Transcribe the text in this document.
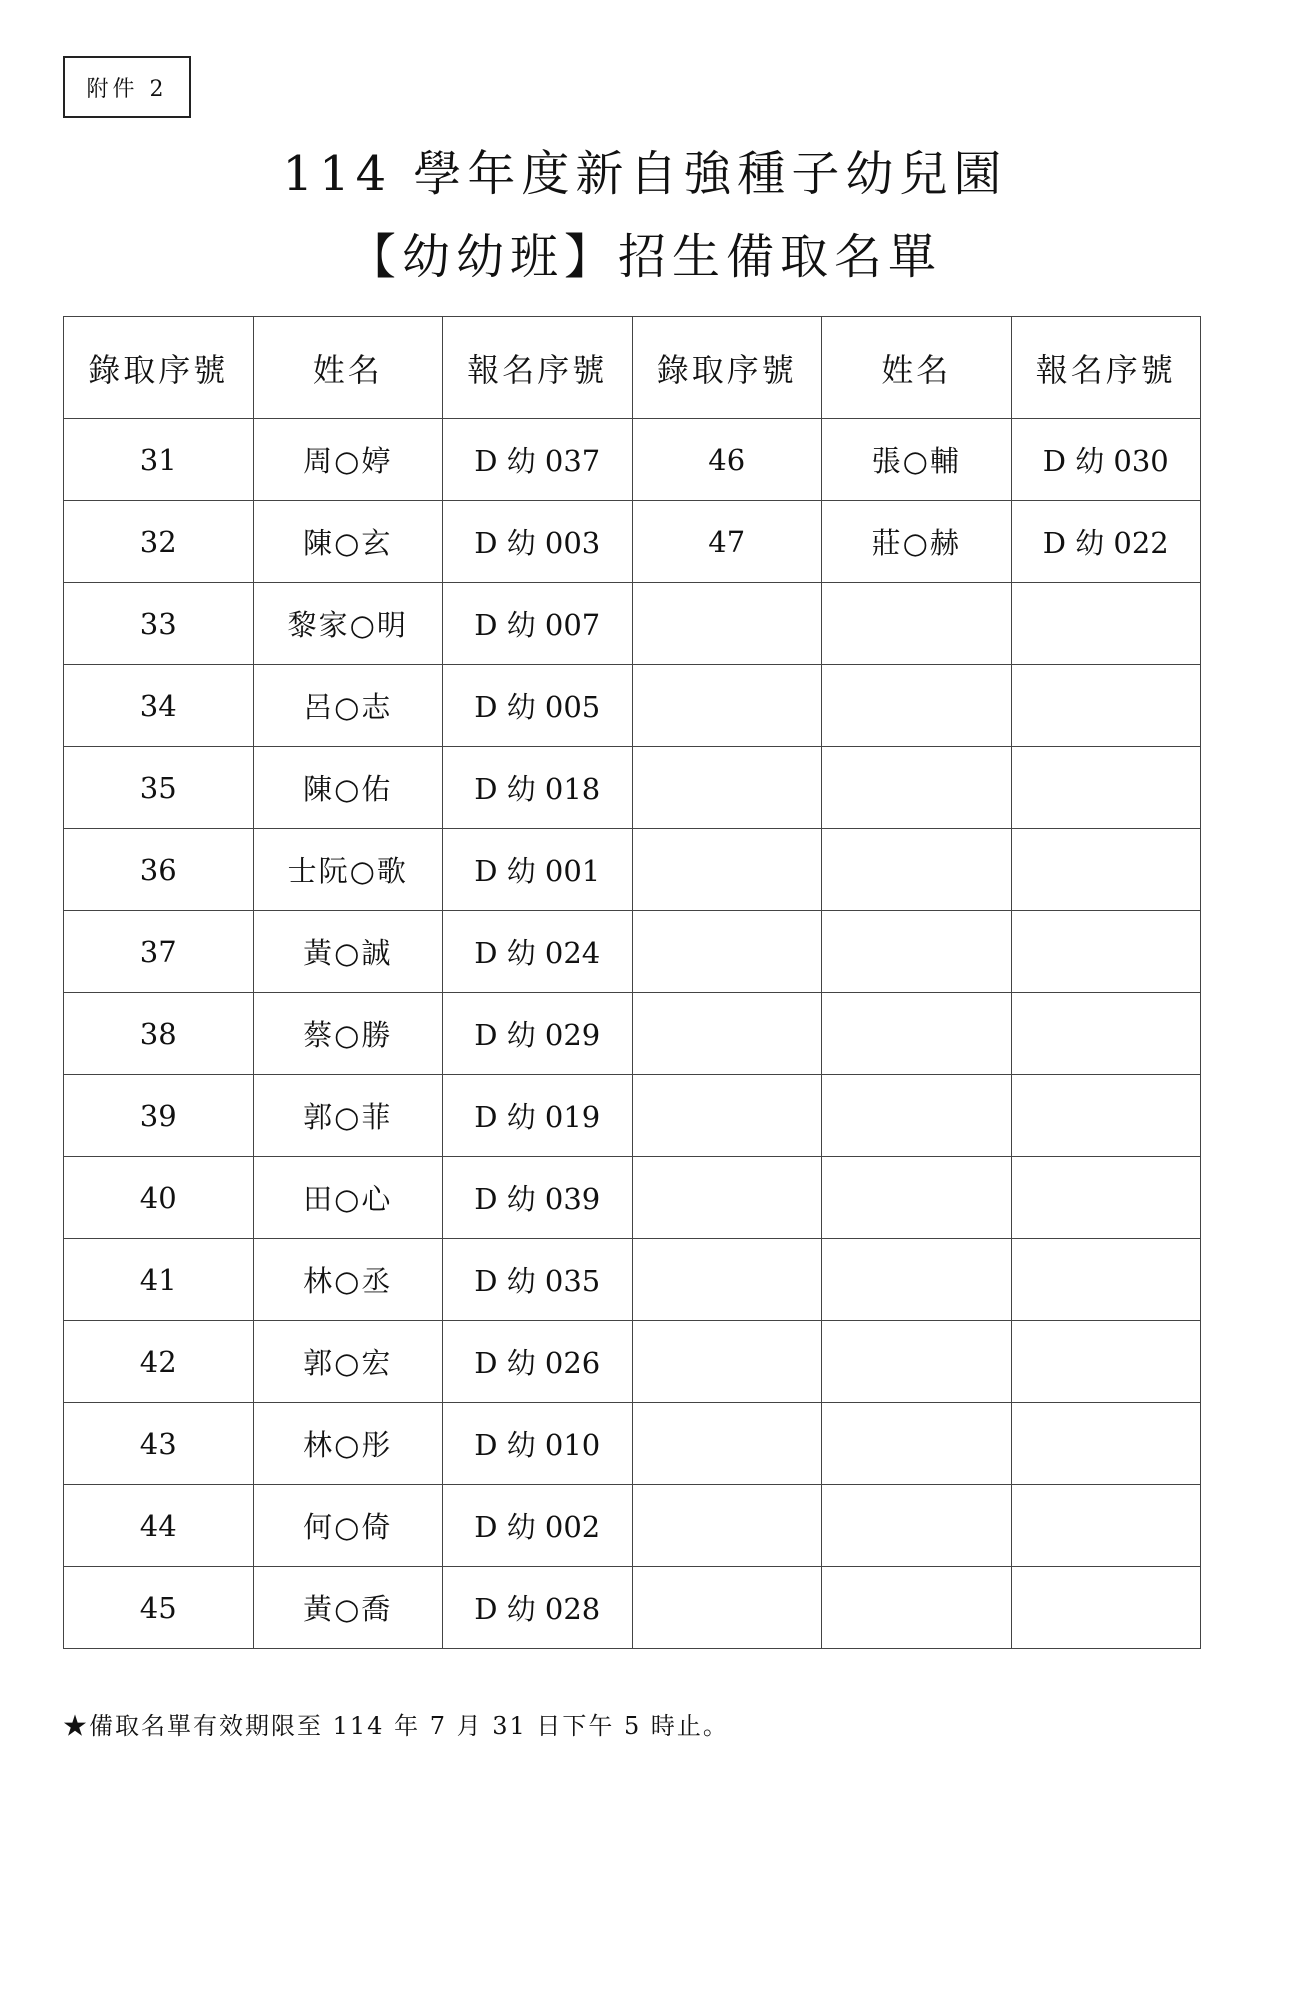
附件 2
114 學年度新自強種子幼兒園
【幼幼班】招生備取名單
錄取序號	姓名	報名序號	錄取序號	姓名	報名序號
31	周○婷	D 幼 037	46	張○輔	D 幼 030
32	陳○玄	D 幼 003	47	莊○赫	D 幼 022
33	黎家○明	D 幼 007			
34	呂○志	D 幼 005			
35	陳○佑	D 幼 018			
36	士阮○歌	D 幼 001			
37	黃○誠	D 幼 024			
38	蔡○勝	D 幼 029			
39	郭○菲	D 幼 019			
40	田○心	D 幼 039			
41	林○丞	D 幼 035			
42	郭○宏	D 幼 026			
43	林○彤	D 幼 010			
44	何○倚	D 幼 002			
45	黃○喬	D 幼 028			
★備取名單有效期限至 114 年 7 月 31 日下午 5 時止。
